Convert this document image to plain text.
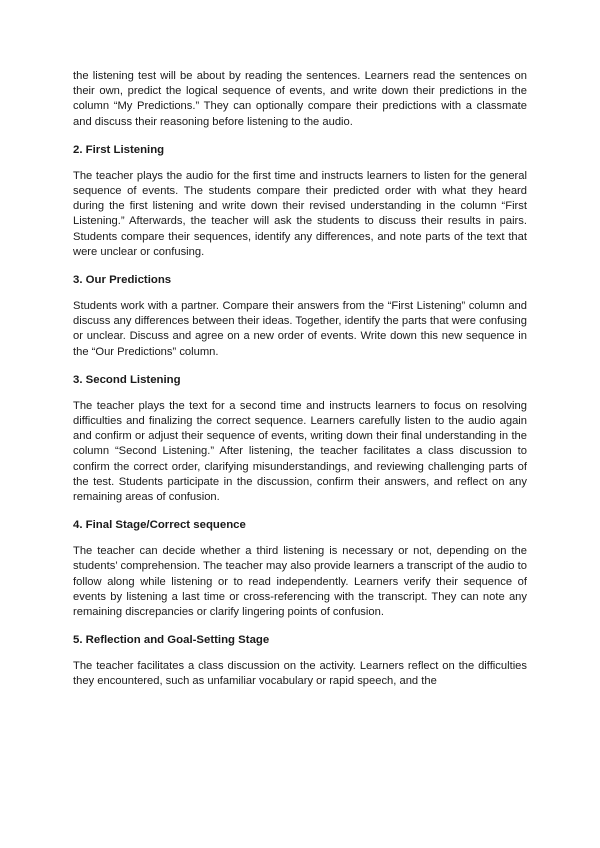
the listening test will be about by reading the sentences. Learners read the sentences on their own, predict the logical sequence of events, and write down their predictions in the column “My Predictions.” They can optionally compare their predictions with a classmate and discuss their reasoning before listening to the audio.

2. First Listening

The teacher plays the audio for the first time and instructs learners to listen for the general sequence of events. The students compare their predicted order with what they heard during the first listening and write down their revised understanding in the column “First Listening.” Afterwards, the teacher will ask the students to discuss their results in pairs. Students compare their sequences, identify any differences, and note parts of the text that were unclear or confusing.

3. Our Predictions

Students work with a partner. Compare their answers from the “First Listening” column and discuss any differences between their ideas. Together, identify the parts that were confusing or unclear. Discuss and agree on a new order of events. Write down this new sequence in the “Our Predictions” column.

3. Second Listening

The teacher plays the text for a second time and instructs learners to focus on resolving difficulties and finalizing the correct sequence. Learners carefully listen to the audio again and confirm or adjust their sequence of events, writing down their final understanding in the column “Second Listening.” After listening, the teacher facilitates a class discussion to confirm the correct order, clarifying misunderstandings, and reviewing challenging parts of the test. Students participate in the discussion, confirm their answers, and reflect on any remaining areas of confusion.

4. Final Stage/Correct sequence

The teacher can decide whether a third listening is necessary or not, depending on the students’ comprehension. The teacher may also provide learners a transcript of the audio to follow along while listening or to read independently. Learners verify their sequence of events by listening a last time or cross-referencing with the transcript. They can note any remaining discrepancies or clarify lingering points of confusion.

5. Reflection and Goal-Setting Stage

The teacher facilitates a class discussion on the activity. Learners reflect on the difficulties they encountered, such as unfamiliar vocabulary or rapid speech, and the
